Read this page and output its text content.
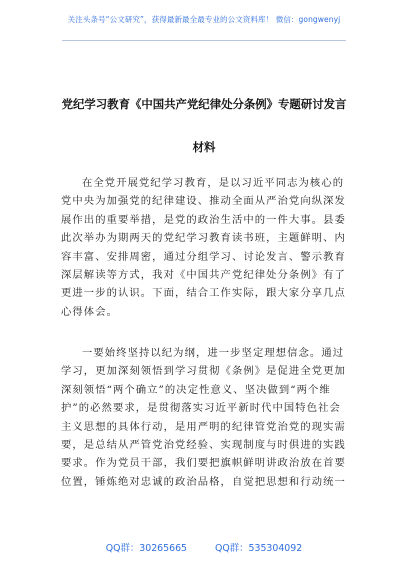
关注头条号“公文研究”，获得最新最全最专业的公文资料库！ 微信：gongwenyj
党纪学习教育《中国共产党纪律处分条例》专题研讨发言
材料
在全党开展党纪学习教育，是以习近平同志为核心的
党中央为加强党的纪律建设、推动全面从严治党向纵深发
展作出的重要举措，是党的政治生活中的一件大事。县委
此次举办为期两天的党纪学习教育读书班，主题鲜明、内
容丰富、安排周密，通过分组学习、讨论发言、警示教育
深层解读等方式，我对《中国共产党纪律处分条例》有了
更进一步的认识。下面，结合工作实际，跟大家分享几点
心得体会。
一要始终坚持以纪为纲，进一步坚定理想信念。通过
学习，更加深刻领悟到学习贯彻《条例》是促进全党更加
深刻领悟“两个确立”的决定性意义、坚决做到“两个维
护”的必然要求，是贯彻落实习近平新时代中国特色社会
主义思想的具体行动，是用严明的纪律管党治党的现实需
要，是总结从严管党治党经验、实现制度与时俱进的实践
要求。作为党员干部，我们要把旗帜鲜明讲政治放在首要
位置，锤炼绝对忠诚的政治品格，自觉把思想和行动统一
QQ群：30265665	QQ群：535304092
